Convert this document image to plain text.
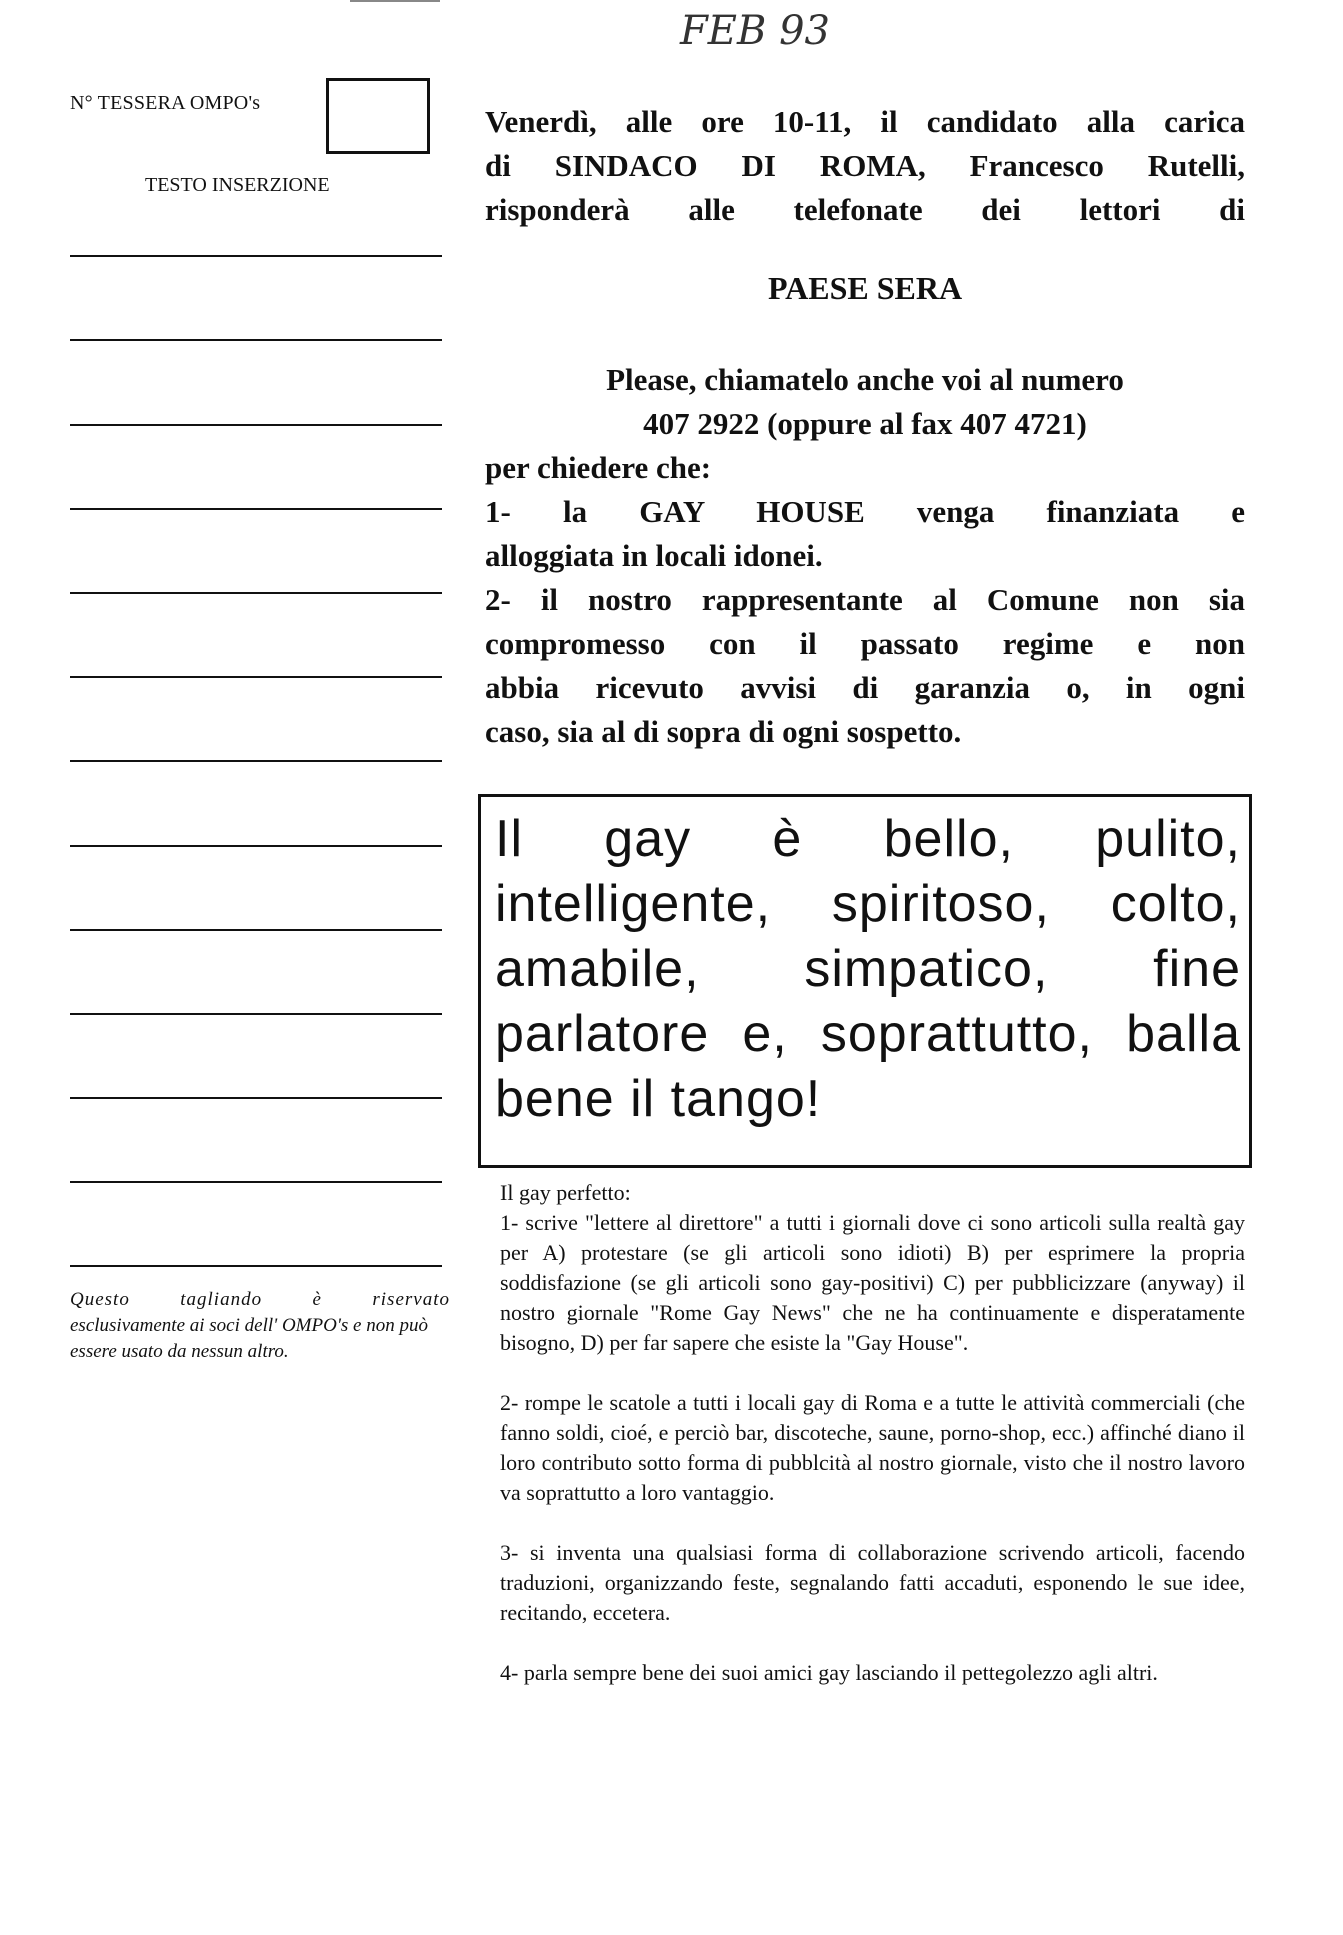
FEB 93
N° TESSERA OMPO's
TESTO INSERZIONE
Questo	tagliando	è	riservato
esclusivamente ai soci dell' OMPO's e non può essere usato da nessun altro.

Venerdì, alle ore 10-11, il candidato alla carica

di SINDACO DI ROMA, Francesco Rutelli,

risponderà alle telefonate dei lettori di

PAESE SERA

Please, chiamatelo anche voi al numero

407 2922 (oppure al fax 407 4721)

per chiedere che:

1- la GAY HOUSE venga finanziata e

alloggiata in locali idonei.

2- il nostro rappresentante al Comune non sia

compromesso con il passato regime e non

abbia ricevuto avvisi di garanzia o, in ogni

caso, sia al di sopra di ogni sospetto.

Il gay è bello, pulito,

intelligente, spiritoso, colto,

amabile, simpatico, fine

parlatore e, soprattutto, balla

bene il tango!

Il gay perfetto:

1- scrive "lettere al direttore" a tutti i giornali dove ci sono articoli sulla realtà gay per A) protestare (se gli articoli sono idioti) B) per esprimere la propria soddisfazione (se gli articoli sono gay-positivi) C) per pubblicizzare (anyway) il nostro giornale "Rome Gay News" che ne ha continuamente e disperatamente bisogno, D) per far sapere che esiste la "Gay House".

2- rompe le scatole a tutti i locali gay di Roma e a tutte le attività commerciali (che fanno soldi, cioé, e perciò bar, discoteche, saune, porno-shop, ecc.) affinché diano il loro contributo sotto forma di pubblcità al nostro giornale, visto che il nostro lavoro va soprattutto a loro vantaggio.

3- si inventa una qualsiasi forma di collaborazione scrivendo articoli, facendo traduzioni, organizzando feste, segnalando fatti accaduti, esponendo le sue idee, recitando, eccetera.

4- parla sempre bene dei suoi amici gay lasciando il pettegolezzo agli altri.
